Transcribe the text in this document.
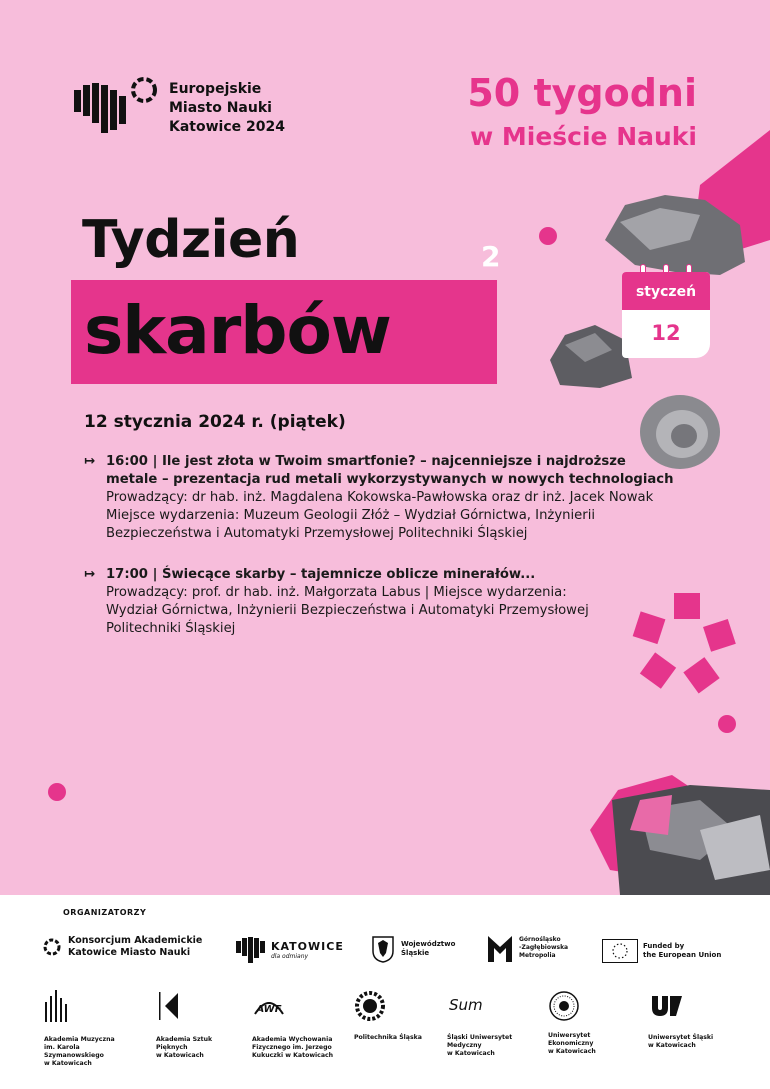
Europejskie
Miasto Nauki
Katowice 2024
50 tygodni
w Mieście Nauki
Tydzień
skarbów
2
styczeń
12
12 stycznia 2024 r. (piątek)
↦ 16:00 | Ile jest złota w Twoim smartfonie? – najcenniejsze i najdroższe
metale – prezentacja rud metali wykorzystywanych w nowych technologiach
Prowadzący: dr hab. inż. Magdalena Kokowska-Pawłowska oraz dr inż. Jacek Nowak
Miejsce wydarzenia: Muzeum Geologii Złóż – Wydział Górnictwa, Inżynierii
Bezpieczeństwa i Automatyki Przemysłowej Politechniki Śląskiej
↦ 17:00 | Świecące skarby – tajemnicze oblicze minerałów...
Prowadzący: prof. dr hab. inż. Małgorzata Labus | Miejsce wydarzenia:
Wydział Górnictwa, Inżynierii Bezpieczeństwa i Automatyki Przemysłowej
Politechniki Śląskiej
ORGANIZATORZY
Konsorcjum Akademickie
Katowice Miasto Nauki	KATOWICE
dla odmiany
Województwo
Śląskie
Górnośląsko
-Zagłębiowska
Metropolia
Funded by
the European Union
Akademia Muzyczna
im. Karola
Szymanowskiego
w Katowicach
Akademia Sztuk
Pięknych
w Katowicach
AWF
Akademia Wychowania
Fizycznego im. Jerzego
Kukuczki w Katowicach
Politechnika Śląska
Sum
Śląski Uniwersytet
Medyczny
w Katowicach
Uniwersytet
Ekonomiczny
w Katowicach
Uniwersytet Śląski
w Katowicach
